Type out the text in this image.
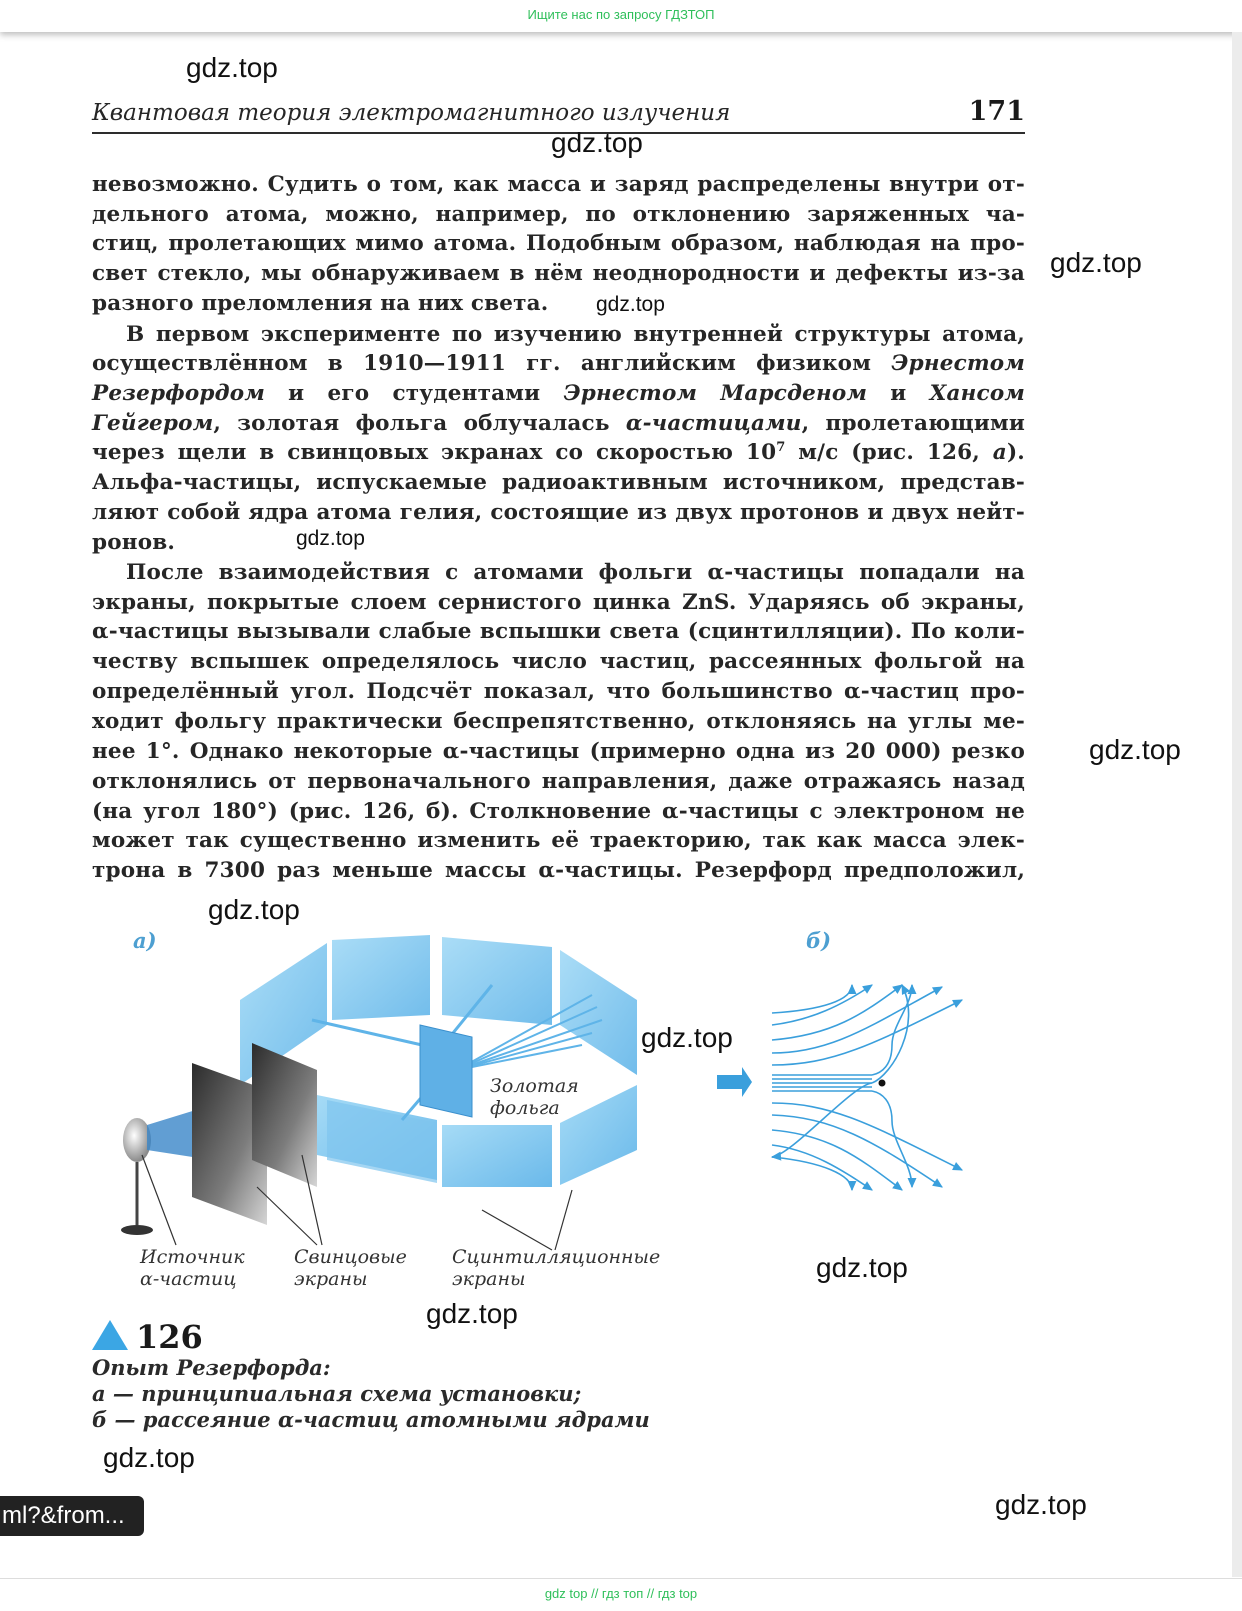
Ищите нас по запросу ГДЗТОП
Квантовая теория электромагнитного излучения	171
невозможно. Судить о том, как масса и заряд распределены внутри от-
дельного атома, можно, например, по отклонению заряженных ча-
стиц, пролетающих мимо атома. Подобным образом, наблюдая на про-
свет стекло, мы обнаруживаем в нём неоднородности и дефекты из-за
разного преломления на них света.
В первом эксперименте по изучению внутренней структуры атома,
осуществлённом в 1910—1911 гг. английским физиком Эрнестом
Резерфордом и его студентами Эрнестом Марсденом и Хансом
Гейгером, золотая фольга облучалась α-частицами, пролетающими
через щели в свинцовых экранах со скоростью $10^7$ м/с (рис. 126, а).
Альфа-частицы, испускаемые радиоактивным источником, представ-
ляют собой ядра атома гелия, состоящие из двух протонов и двух нейт-
ронов.
После взаимодействия с атомами фольги α-частицы попадали на
экраны, покрытые слоем сернистого цинка ZnS. Ударяясь об экраны,
α-частицы вызывали слабые вспышки света (сцинтилляции). По коли-
честву вспышек определялось число частиц, рассеянных фольгой на
определённый угол. Подсчёт показал, что большинство α-частиц про-
ходит фольгу практически беспрепятственно, отклоняясь на углы ме-
нее 1°. Однако некоторые α-частицы (примерно одна из 20 000) резко
отклонялись от первоначального направления, даже отражаясь назад
(на угол 180°) (рис. 126, б). Столкновение α-частицы с электроном не
может так существенно изменить её траекторию, так как масса элек-
трона в 7300 раз меньше массы α-частицы. Резерфорд предположил,
а)	б)
Золотая
фольга
Источник
α-частиц
Свинцовые
экраны
Сцинтилляционные
экраны
126
Опыт Резерфорда:
а — принципиальная схема установки;
б — рассеяние α-частиц атомными ядрами
gdz.top
gdz.top
gdz.top
gdz.top
gdz.top
gdz.top
gdz.top
gdz.top
gdz.top
gdz.top
gdz.top
gdz.top
ml?&from...
gdz top // гдз топ // гдз top
